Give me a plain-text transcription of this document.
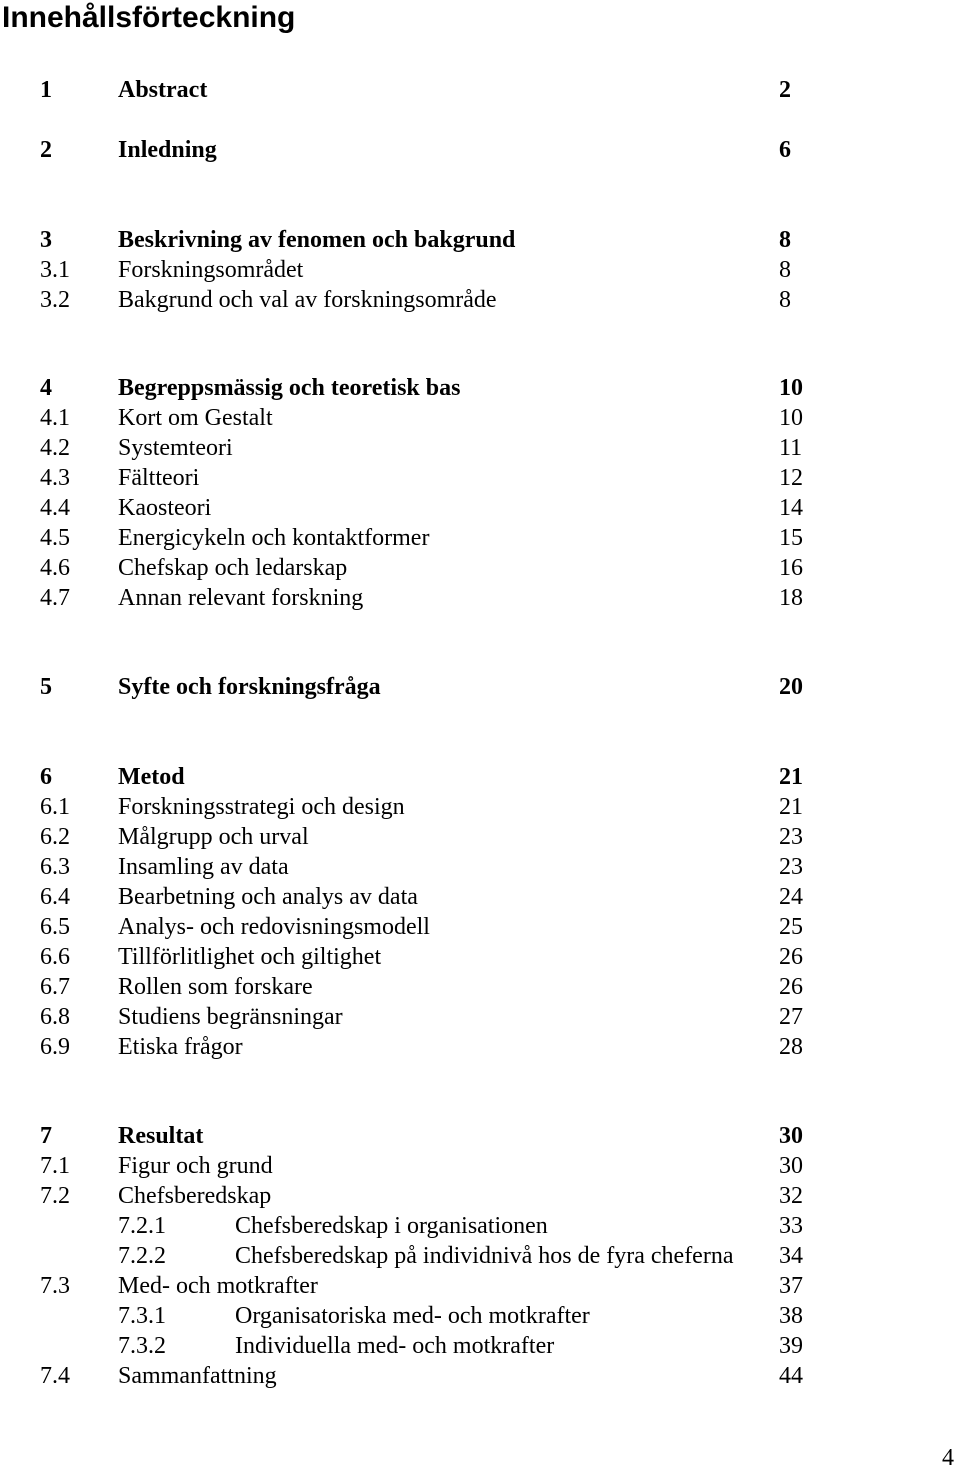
Innehållsförteckning
1	Abstract	2
2	Inledning	6
3	Beskrivning av fenomen och bakgrund	8
3.1 Forskningsområdet	8
3.2 Bakgrund och val av forskningsområde	8
4	Begreppsmässig och teoretisk bas	10
4.1 Kort om Gestalt	10
4.2 Systemteori	11
4.3 Fältteori	12
4.4 Kaosteori	14
4.5 Energicykeln och kontaktformer	15
4.6 Chefskap och ledarskap	16
4.7 Annan relevant forskning	18
5	Syfte och forskningsfråga	20
6	Metod	21
6.1 Forskningsstrategi och design	21
6.2 Målgrupp och urval	23
6.3 Insamling av data	23
6.4 Bearbetning och analys av data	24
6.5 Analys- och redovisningsmodell	25
6.6 Tillförlitlighet och giltighet	26
6.7 Rollen som forskare	26
6.8 Studiens begränsningar	27
6.9 Etiska frågor	28
7	Resultat	30
7.1 Figur och grund	30
7.2 Chefsberedskap	32
7.2.1	Chefsberedskap i organisationen	33
7.2.2	Chefsberedskap på individnivå hos de fyra cheferna 34
7.3 Med- och motkrafter	37
7.3.1	Organisatoriska med- och motkrafter	38
7.3.2	Individuella med- och motkrafter	39
7.4 Sammanfattning	44
4
